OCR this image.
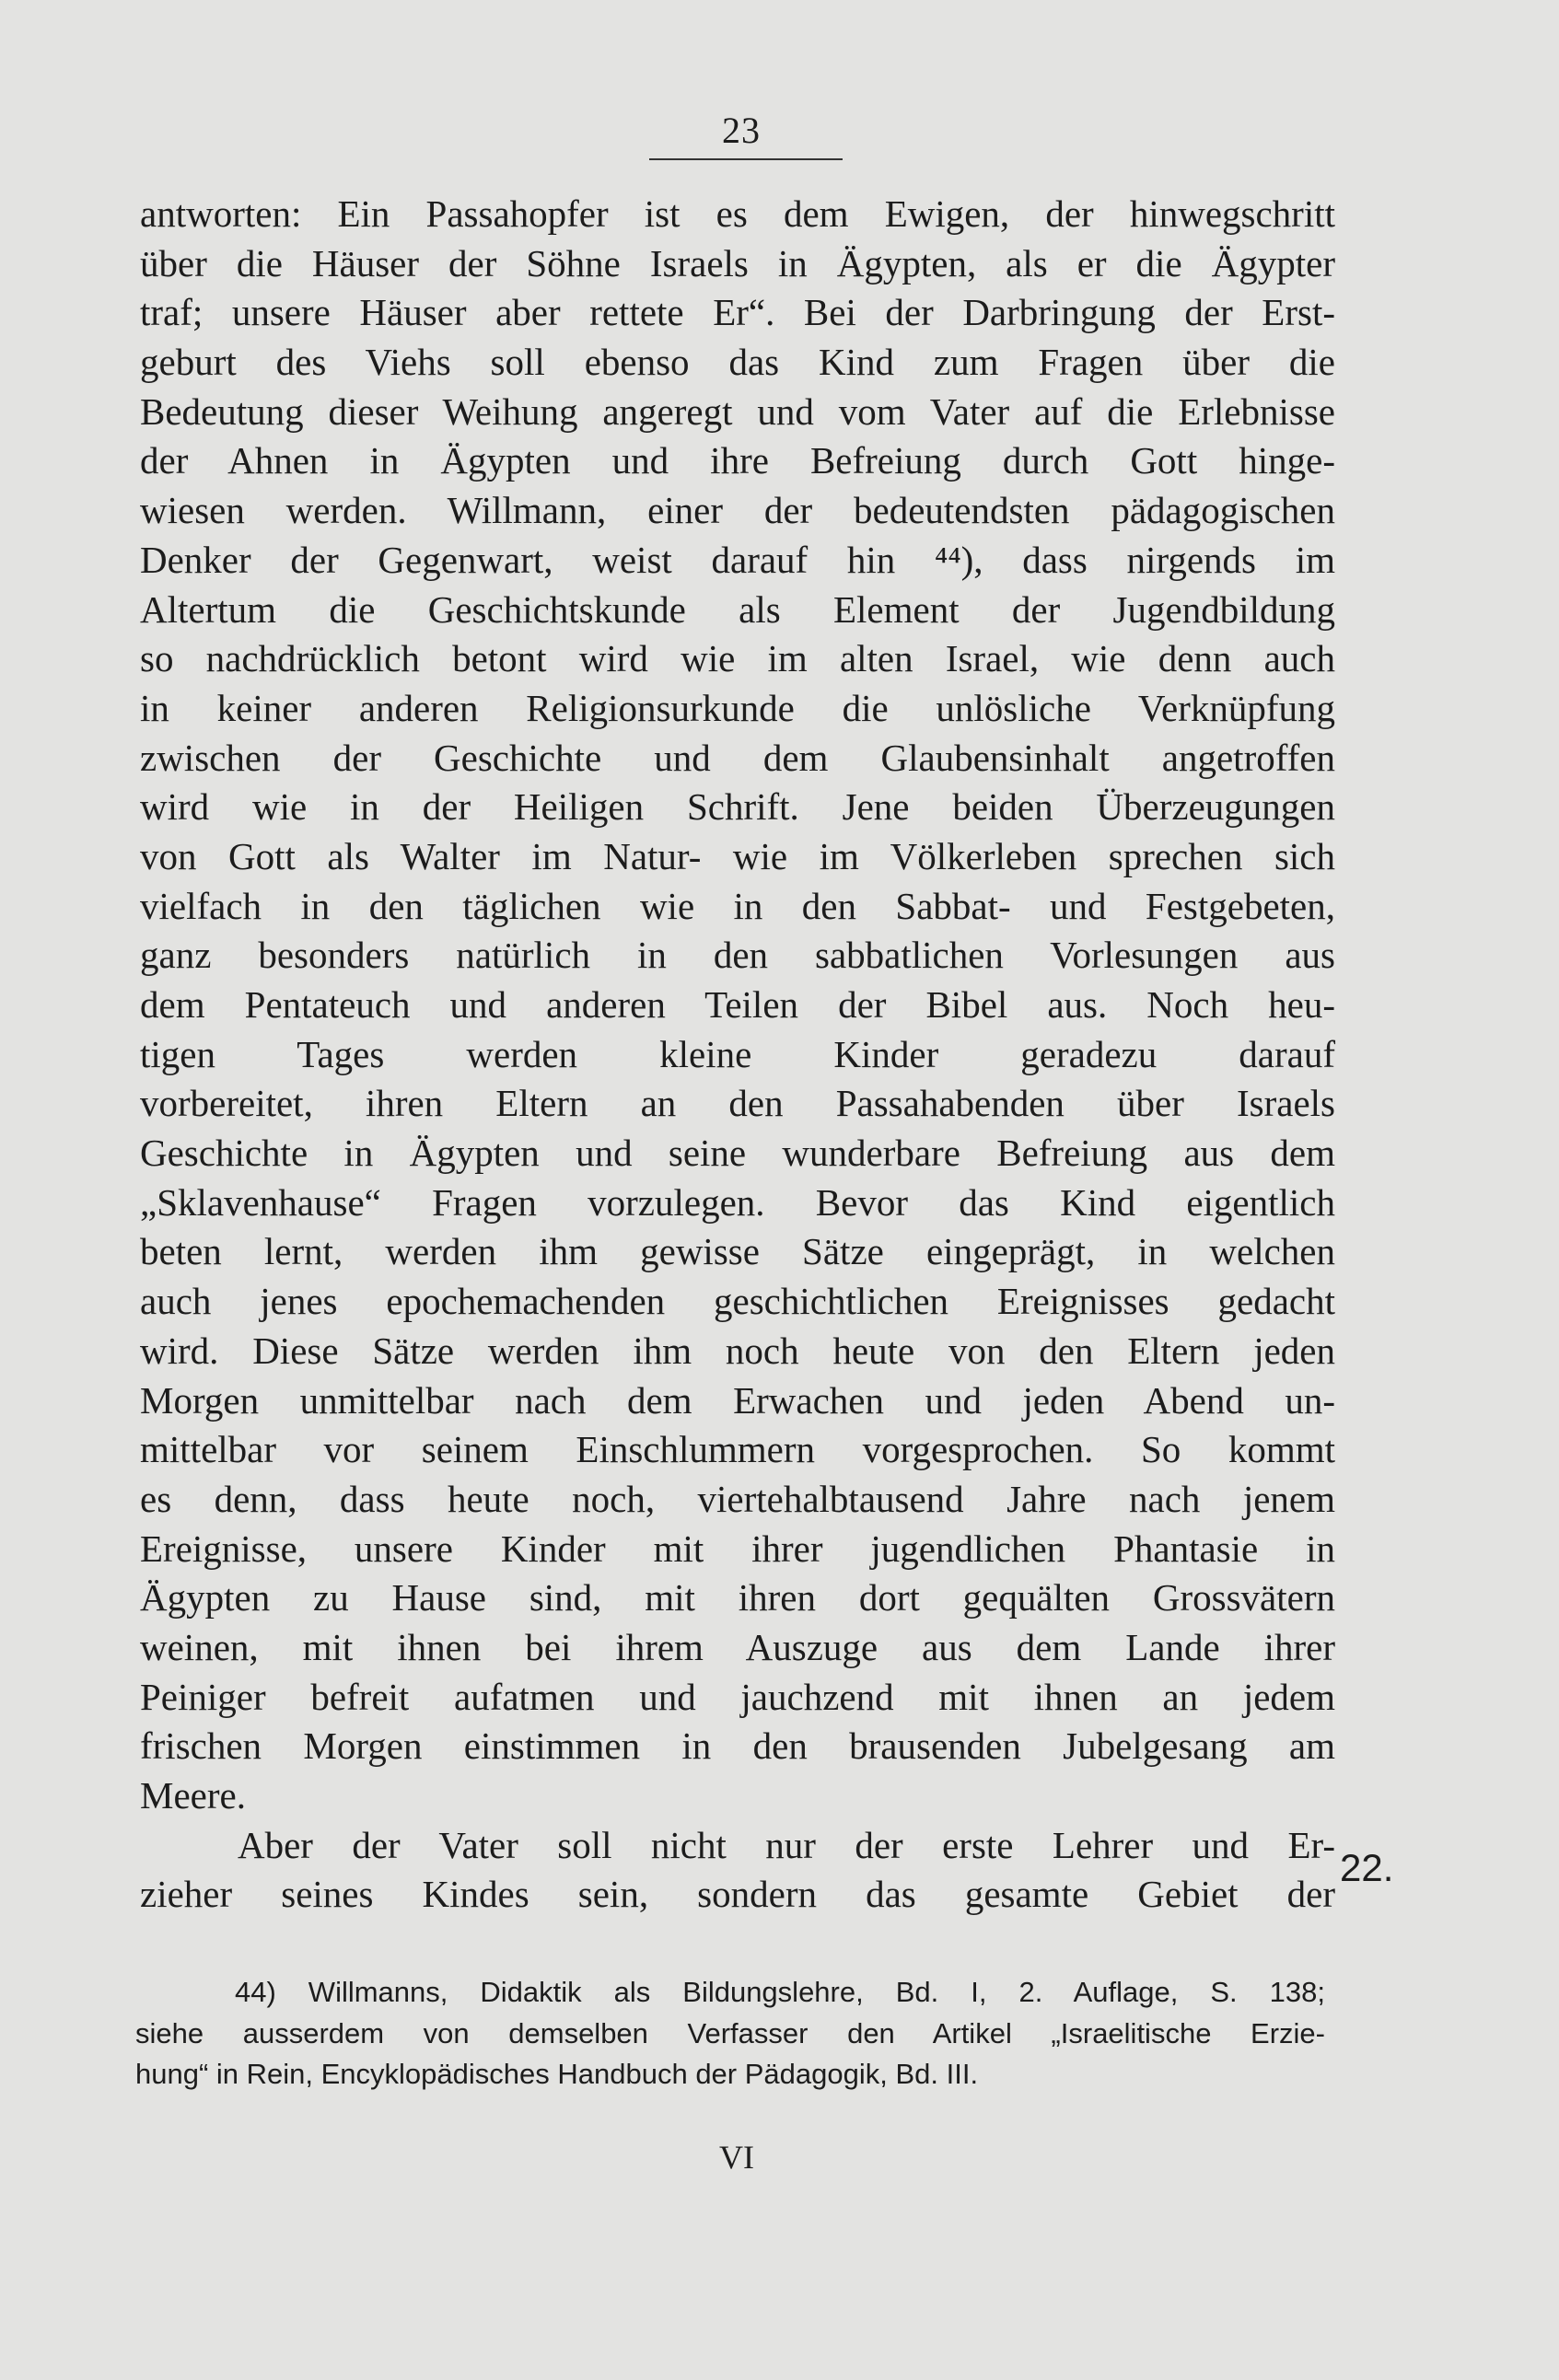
23
antworten: Ein Passahopfer ist es dem Ewigen, der hinwegschritt
über die Häuser der Söhne Israels in Ägypten, als er die Ägypter
traf; unsere Häuser aber rettete Er“. Bei der Darbringung der Erst-
geburt des Viehs soll ebenso das Kind zum Fragen über die
Bedeutung dieser Weihung angeregt und vom Vater auf die Erlebnisse
der Ahnen in Ägypten und ihre Befreiung durch Gott hinge-
wiesen werden. Willmann, einer der bedeutendsten pädagogischen
Denker der Gegenwart, weist darauf hin ⁴⁴), dass nirgends im
Altertum die Geschichtskunde als Element der Jugendbildung
so nachdrücklich betont wird wie im alten Israel, wie denn auch
in keiner anderen Religionsurkunde die unlösliche Verknüpfung
zwischen der Geschichte und dem Glaubensinhalt angetroffen
wird wie in der Heiligen Schrift. Jene beiden Überzeugungen
von Gott als Walter im Natur- wie im Völkerleben sprechen sich
vielfach in den täglichen wie in den Sabbat- und Festgebeten,
ganz besonders natürlich in den sabbatlichen Vorlesungen aus
dem Pentateuch und anderen Teilen der Bibel aus. Noch heu-
tigen Tages werden kleine Kinder geradezu darauf
vorbereitet, ihren Eltern an den Passahabenden über Israels
Geschichte in Ägypten und seine wunderbare Befreiung aus dem
„Sklavenhause“ Fragen vorzulegen. Bevor das Kind eigentlich
beten lernt, werden ihm gewisse Sätze eingeprägt, in welchen
auch jenes epochemachenden geschichtlichen Ereignisses gedacht
wird. Diese Sätze werden ihm noch heute von den Eltern jeden
Morgen unmittelbar nach dem Erwachen und jeden Abend un-
mittelbar vor seinem Einschlummern vorgesprochen. So kommt
es denn, dass heute noch, viertehalbtausend Jahre nach jenem
Ereignisse, unsere Kinder mit ihrer jugendlichen Phantasie in
Ägypten zu Hause sind, mit ihren dort gequälten Grossvätern
weinen, mit ihnen bei ihrem Auszuge aus dem Lande ihrer
Peiniger befreit aufatmen und jauchzend mit ihnen an jedem
frischen Morgen einstimmen in den brausenden Jubelgesang am
Meere.
Aber der Vater soll nicht nur der erste Lehrer und Er-
zieher seines Kindes sein, sondern das gesamte Gebiet der
22.
44) Willmanns, Didaktik als Bildungslehre, Bd. I, 2. Auflage, S. 138;
siehe ausserdem von demselben Verfasser den Artikel „Israelitische Erzie-
hung“ in Rein, Encyklopädisches Handbuch der Pädagogik, Bd. III.
VI
